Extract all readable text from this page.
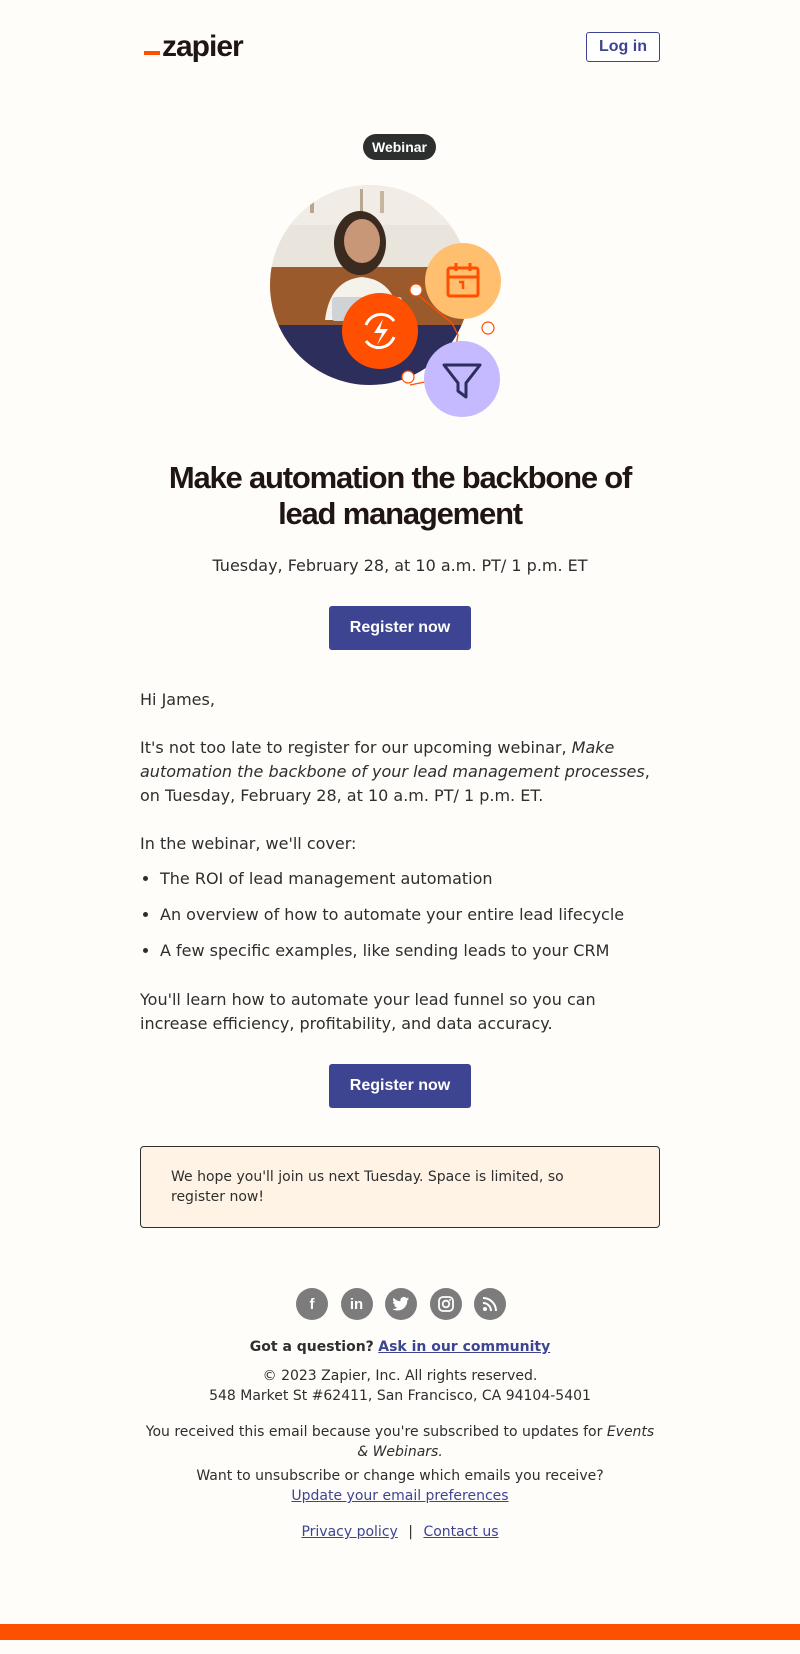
zapier	Log in
Webinar
Make automation the backbone of lead management
Tuesday, February 28, at 10 a.m. PT/ 1 p.m. ET
Register now

Hi James,

It's not too late to register for our upcoming webinar, Make automation the backbone of your lead management processes, on Tuesday, February 28, at 10 a.m. PT/ 1 p.m. ET.

In the webinar, we'll cover:

• The ROI of lead management automation
• An overview of how to automate your entire lead lifecycle
• A few specific examples, like sending leads to your CRM

You'll learn how to automate your lead funnel so you can increase efficiency, profitability, and data accuracy.

Register now
We hope you'll join us next Tuesday. Space is limited, so register now!
f	in
Got a question? Ask in our community
© 2023 Zapier, Inc. All rights reserved.
548 Market St #62411, San Francisco, CA 94104-5401
You received this email because you're subscribed to updates for Events & Webinars.
Want to unsubscribe or change which emails you receive?
Update your email preferences
Privacy policy | Contact us
